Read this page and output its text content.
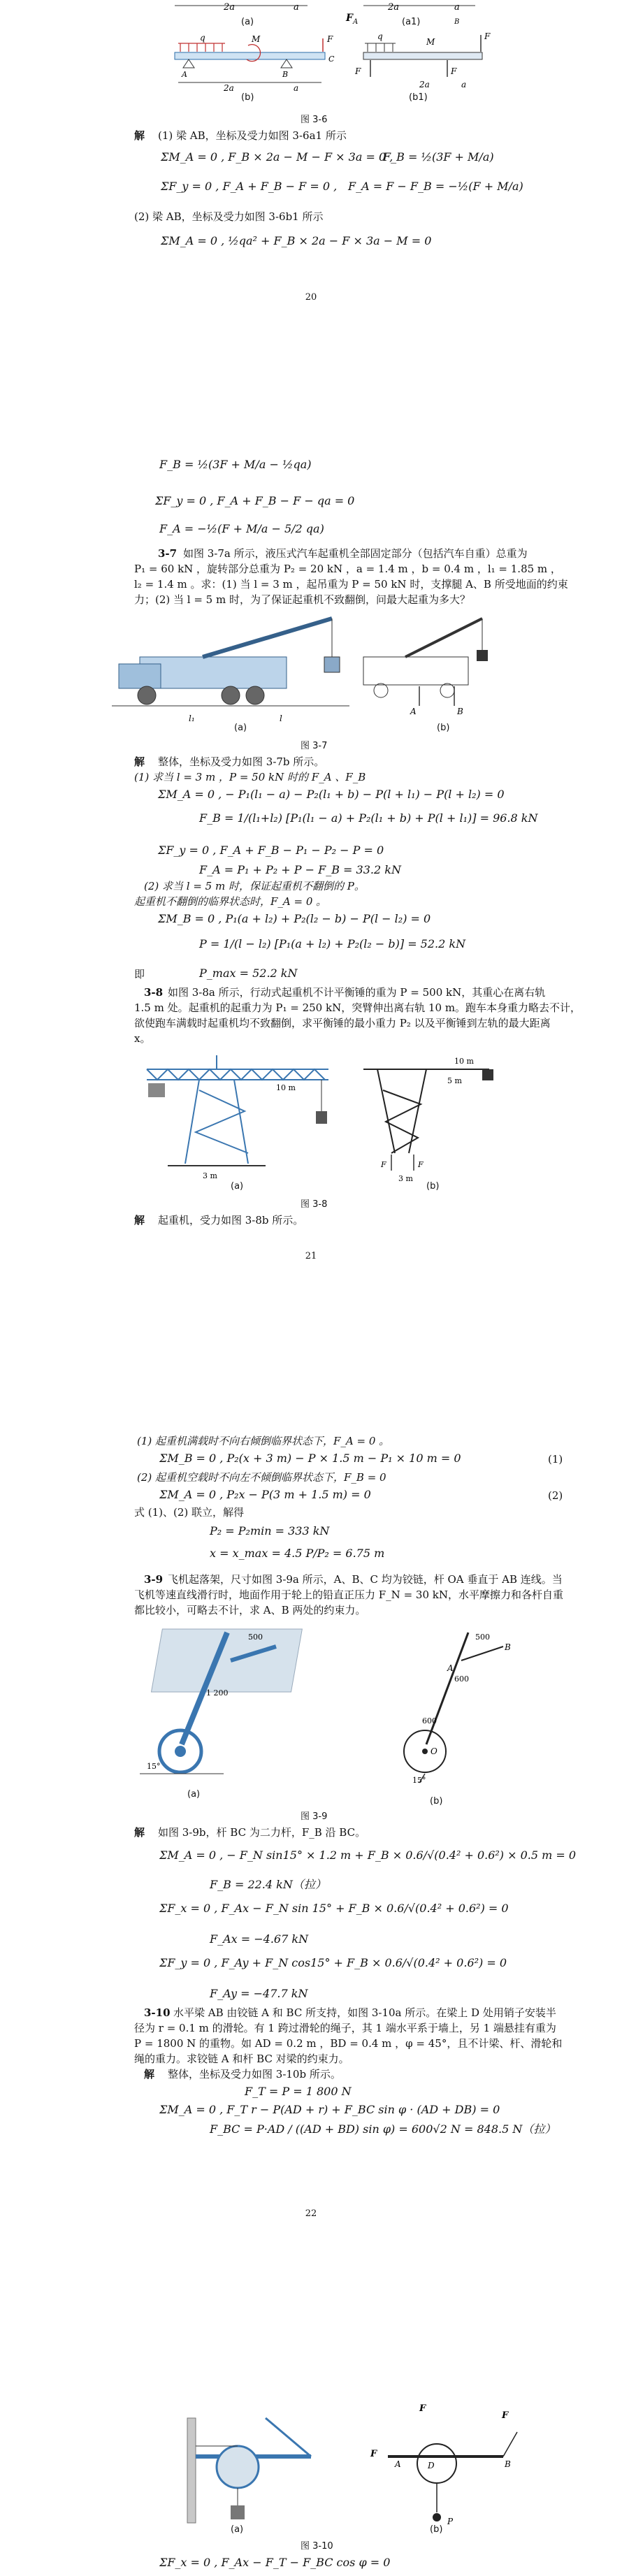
2a	a	2a	a
F A	B
q	M	F
A	B
C
2a	a
q
M
F
F	F
2a	a
(a)	(a1)
(b)	(b1)
图 3-6
解 (1) 梁 AB，坐标及受力如图 3-6a1 所示
ΣM_A = 0 , F_B × 2a − M − F × 3a = 0 ,
F_B = ½(3F + M/a)
ΣF_y = 0 , F_A + F_B − F = 0 , F_A = F − F_B = −½(F + M/a)
(2) 梁 AB，坐标及受力如图 3-6b1 所示
ΣM_A = 0 , ½qa² + F_B × 2a − F × 3a − M = 0
20
F_B = ½(3F + M/a − ½qa)
ΣF_y = 0 , F_A + F_B − F − qa = 0
F_A = −½(F + M/a − 5/2 qa)
3-7 如图 3-7a 所示，液压式汽车起重机全部固定部分（包括汽车自重）总重为
P₁ = 60 kN ，旋转部分总重为 P₂ = 20 kN ，a = 1.4 m ，b = 0.4 m ，l₁ = 1.85 m ，
l₂ = 1.4 m 。求：(1) 当 l = 3 m ，起吊重为 P = 50 kN 时，支撑腿 A、B 所受地面的约束
力；(2) 当 l = 5 m 时，为了保证起重机不致翻倒，问最大起重为多大？
l₁	l
A	B
(a)	(b)
图 3-7
解 整体，坐标及受力如图 3-7b 所示。
(1) 求当 l = 3 m ，P = 50 kN 时的 F_A 、F_B
ΣM_A = 0 , − P₁(l₁ − a) − P₂(l₁ + b) − P(l + l₁) − P(l + l₂) = 0
F_B = 1/(l₁+l₂) [P₁(l₁ − a) + P₂(l₁ + b) + P(l + l₁)] = 96.8 kN
ΣF_y = 0 , F_A + F_B − P₁ − P₂ − P = 0
F_A = P₁ + P₂ + P − F_B = 33.2 kN
(2) 求当 l = 5 m 时，保证起重机不翻倒的 P。
起重机不翻倒的临界状态时，F_A = 0 。
ΣM_B = 0 , P₁(a + l₂) + P₂(l₂ − b) − P(l − l₂) = 0
P = 1/(l − l₂) [P₁(a + l₂) + P₂(l₂ − b)] = 52.2 kN
即	P_max = 52.2 kN
3-8 如图 3-8a 所示，行动式起重机不计平衡锤的重为 P = 500 kN，其重心在离右轨
1.5 m 处。起重机的起重力为 P₁ = 250 kN，突臂伸出离右轨 10 m。跑车本身重力略去不计，
欲使跑车满载时起重机均不致翻倒，求平衡锤的最小重力 P₂ 以及平衡锤到左轨的最大距离
x。
10 m
3 m
10 m
5 m
F	F
3 m
(a)	(b)
图 3-8
解 起重机，受力如图 3-8b 所示。
21
(1) 起重机满载时不向右倾倒临界状态下，F_A = 0 。
ΣM_B = 0 , P₂(x + 3 m) − P × 1.5 m − P₁ × 10 m = 0	(1)
(2) 起重机空载时不向左不倾倒临界状态下，F_B = 0
ΣM_A = 0 , P₂x − P(3 m + 1.5 m) = 0	(2)
式 (1)、(2) 联立，解得
P₂ = P₂min = 333 kN
x = x_max = 4.5 P/P₂ = 6.75 m
3-9 飞机起落架，尺寸如图 3-9a 所示，A、B、C 均为铰链，杆 OA 垂直于 AB 连线。当
飞机等速直线滑行时，地面作用于轮上的铅直正压力 F_N = 30 kN，水平摩擦力和各杆自重
都比较小，可略去不计，求 A、B 两处的约束力。
15°
1 200
500	500
600
600
B
A
O
15°
(a)
(b)
图 3-9
解 如图 3-9b，杆 BC 为二力杆，F_B 沿 BC。
ΣM_A = 0 , − F_N sin15° × 1.2 m + F_B × 0.6/√(0.4² + 0.6²) × 0.5 m = 0
F_B = 22.4 kN（拉）
ΣF_x = 0 , F_Ax − F_N sin 15° + F_B × 0.6/√(0.4² + 0.6²) = 0
F_Ax = −4.67 kN
ΣF_y = 0 , F_Ay + F_N cos15° + F_B × 0.6/√(0.4² + 0.6²) = 0
F_Ay = −47.7 kN
3-10 水平梁 AB 由铰链 A 和 BC 所支持，如图 3-10a 所示。在梁上 D 处用销子安装半
径为 r = 0.1 m 的滑轮。有 1 跨过滑轮的绳子，其 1 端水平系于墙上，另 1 端悬挂有重为
P = 1800 N 的重物。如 AD = 0.2 m ，BD = 0.4 m ，φ = 45°，且不计梁、杆、滑轮和
绳的重力。求铰链 A 和杆 BC 对梁的约束力。
解 整体，坐标及受力如图 3-10b 所示。
F_T = P = 1 800 N
ΣM_A = 0 , F_T r − P(AD + r) + F_BC sin φ · (AD + DB) = 0
F_BC = P·AD / ((AD + BD) sin φ) = 600√2 N = 848.5 N（拉）
22
F
F
F
A	D	B
P
(a)	(b)
图 3-10
ΣF_x = 0 , F_Ax − F_T − F_BC cos φ = 0
